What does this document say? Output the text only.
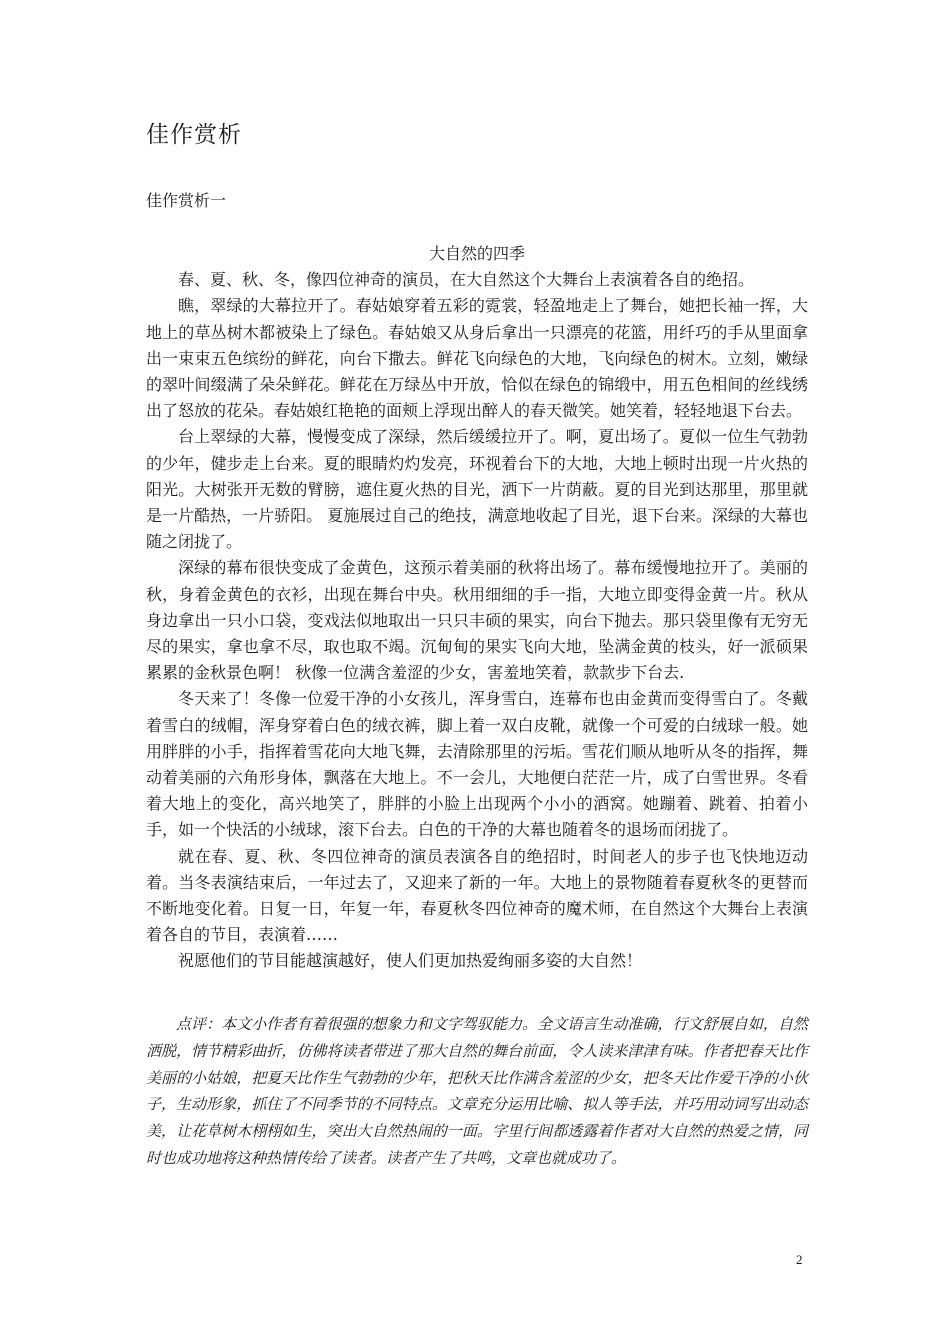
佳作赏析
佳作赏析一
大自然的四季

春、夏、秋、冬，像四位神奇的演员，在大自然这个大舞台上表演着各自的绝招。

瞧，翠绿的大幕拉开了。春姑娘穿着五彩的霓裳，轻盈地走上了舞台，她把长袖一挥，大地上的草丛树木都被染上了绿色。春姑娘又从身后拿出一只漂亮的花篮，用纤巧的手从里面拿出一束束五色缤纷的鲜花，向台下撒去。鲜花飞向绿色的大地，飞向绿色的树木。立刻，嫩绿的翠叶间缀满了朵朵鲜花。鲜花在万绿丛中开放，恰似在绿色的锦缎中，用五色相间的丝线绣出了怒放的花朵。春姑娘红艳艳的面颊上浮现出醉人的春天微笑。她笑着，轻轻地退下台去。

台上翠绿的大幕，慢慢变成了深绿，然后缓缓拉开了。啊，夏出场了。夏似一位生气勃勃的少年，健步走上台来。夏的眼睛灼灼发亮，环视着台下的大地，大地上顿时出现一片火热的阳光。大树张开无数的臂膀，遮住夏火热的目光，洒下一片荫蔽。夏的目光到达那里，那里就是一片酷热，一片骄阳。 夏施展过自己的绝技，满意地收起了目光，退下台来。深绿的大幕也随之闭拢了。

深绿的幕布很快变成了金黄色，这预示着美丽的秋将出场了。幕布缓慢地拉开了。美丽的秋，身着金黄色的衣衫，出现在舞台中央。秋用细细的手一指，大地立即变得金黄一片。秋从身边拿出一只小口袋，变戏法似地取出一只只丰硕的果实，向台下抛去。那只袋里像有无穷无尽的果实，拿也拿不尽，取也取不竭。沉甸甸的果实飞向大地，坠满金黄的枝头，好一派硕果累累的金秋景色啊！ 秋像一位满含羞涩的少女，害羞地笑着，款款步下台去.

冬天来了！冬像一位爱干净的小女孩儿，浑身雪白，连幕布也由金黄而变得雪白了。冬戴着雪白的绒帽，浑身穿着白色的绒衣裤，脚上着一双白皮靴，就像一个可爱的白绒球一般。她用胖胖的小手，指挥着雪花向大地飞舞，去清除那里的污垢。雪花们顺从地听从冬的指挥，舞动着美丽的六角形身体，飘落在大地上。不一会儿，大地便白茫茫一片，成了白雪世界。冬看着大地上的变化，高兴地笑了，胖胖的小脸上出现两个小小的酒窝。她蹦着、跳着、拍着小手，如一个快活的小绒球，滚下台去。白色的干净的大幕也随着冬的退场而闭拢了。

就在春、夏、秋、冬四位神奇的演员表演各自的绝招时，时间老人的步子也飞快地迈动着。当冬表演结束后，一年过去了，又迎来了新的一年。大地上的景物随着春夏秋冬的更替而不断地变化着。日复一日，年复一年，春夏秋冬四位神奇的魔术师，在自然这个大舞台上表演着各自的节目，表演着……

祝愿他们的节目能越演越好，使人们更加热爱绚丽多姿的大自然！

点评：本文小作者有着很强的想象力和文字驾驭能力。全文语言生动准确，行文舒展自如，自然洒脱，情节精彩曲折，仿佛将读者带进了那大自然的舞台前面，令人读来津津有味。作者把春天比作美丽的小姑娘，把夏天比作生气勃勃的少年，把秋天比作满含羞涩的少女，把冬天比作爱干净的小伙子，生动形象，抓住了不同季节的不同特点。文章充分运用比喻、拟人等手法，并巧用动词写出动态美，让花草树木栩栩如生，突出大自然热闹的一面。字里行间都透露着作者对大自然的热爱之情，同时也成功地将这种热情传给了读者。读者产生了共鸣，文章也就成功了。

2
